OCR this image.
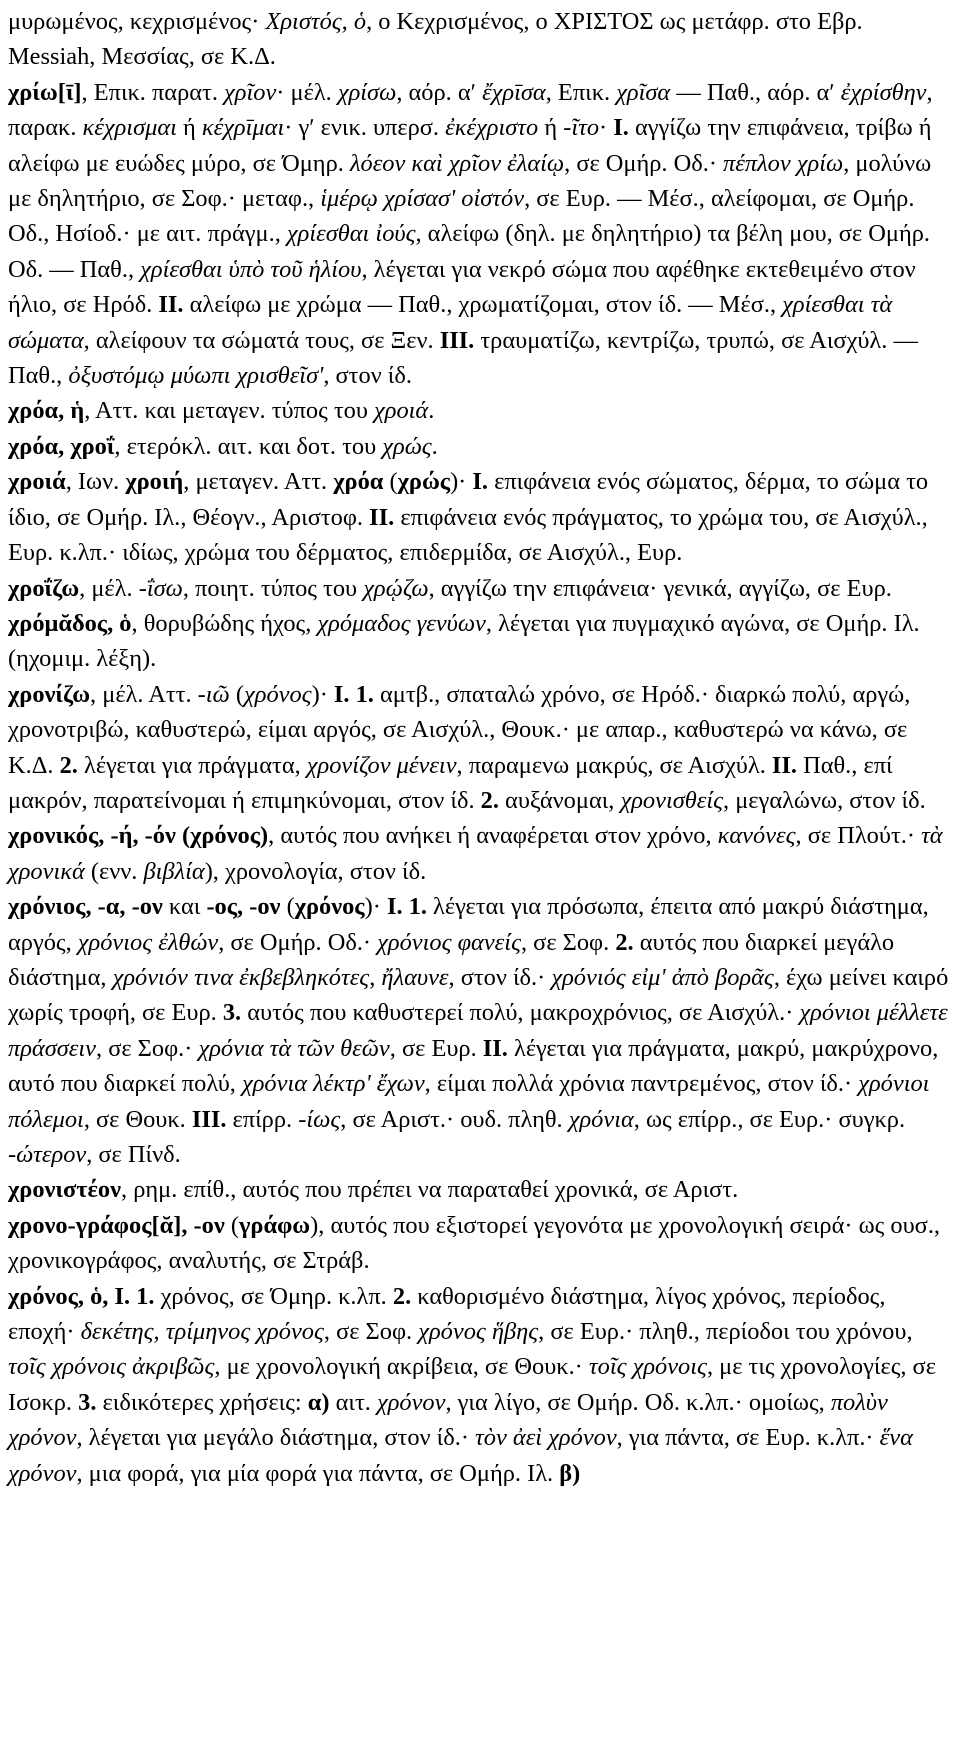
μυρωμένος, κεχρισμένος· Χριστός, ὁ, ο Κεχρισμένος, ο ΧΡΙΣΤΟΣ ως μετάφρ. στο Εβρ. Messiah, Μεσσίας, σε Κ.Δ.
χρίω[ῑ], Επικ. παρατ. χρῖον· μέλ. χρίσω, αόρ. αʹ ἔχρῑσα, Επικ. χρῖσα — Παθ., αόρ. αʹ ἐχρίσθην, παρακ. κέχρισμαι ή κέχρῑμαι· γʹ ενικ. υπερσ. ἐκέχριστο ή -ῖτο· I. αγγίζω την επιφάνεια, τρίβω ή αλείφω με ευώδες μύρο, σε Όμηρ. λόεον καὶ χρῖον ἐλαίῳ, σε Ομήρ. Οδ.· πέπλον χρίω, μολύνω με δηλητήριο, σε Σοφ.· μεταφ., ἱμέρῳ χρίσασ' οἰστόν, σε Ευρ. — Μέσ., αλείφομαι, σε Ομήρ. Οδ., Ησίοδ.· με αιτ. πράγμ., χρίεσθαι ἰούς, αλείφω (δηλ. με δηλητήριο) τα βέλη μου, σε Ομήρ. Οδ. — Παθ., χρίεσθαι ὑπὸ τοῦ ἡλίου, λέγεται για νεκρό σώμα που αφέθηκε εκτεθειμένο στον ήλιο, σε Ηρόδ. II. αλείφω με χρώμα — Παθ., χρωματίζομαι, στον ίδ. — Μέσ., χρίεσθαι τὰ σώματα, αλείφουν τα σώματά τους, σε Ξεν. III. τραυματίζω, κεντρίζω, τρυπώ, σε Αισχύλ. — Παθ., ὀξυστόμῳ μύωπι χρισθεῖσ', στον ίδ.
χρόα, ἡ, Αττ. και μεταγεν. τύπος του χροιά.
χρόα, χροΐ, ετερόκλ. αιτ. και δοτ. του χρώς.
χροιά, Ιων. χροιή, μεταγεν. Αττ. χρόα (χρώς)· I. επιφάνεια ενός σώματος, δέρμα, το σώμα το ίδιο, σε Ομήρ. Ιλ., Θέογν., Αριστοφ. II. επιφάνεια ενός πράγματος, το χρώμα του, σε Αισχύλ., Ευρ. κ.λπ.· ιδίως, χρώμα του δέρματος, επιδερμίδα, σε Αισχύλ., Ευρ.
χροΐζω, μέλ. -ΐσω, ποιητ. τύπος του χρῴζω, αγγίζω την επιφάνεια· γενικά, αγγίζω, σε Ευρ.
χρόμᾰδος, ὁ, θορυβώδης ήχος, χρόμαδος γενύων, λέγεται για πυγμαχικό αγώνα, σε Ομήρ. Ιλ. (ηχομιμ. λέξη).
χρονίζω, μέλ. Αττ. -ιῶ (χρόνος)· I. 1. αμτβ., σπαταλώ χρόνο, σε Ηρόδ.· διαρκώ πολύ, αργώ, χρονοτριβώ, καθυστερώ, είμαι αργός, σε Αισχύλ., Θουκ.· με απαρ., καθυστερώ να κάνω, σε Κ.Δ. 2. λέγεται για πράγματα, χρονίζον μένειν, παραμενω μακρύς, σε Αισχύλ. II. Παθ., επί μακρόν, παρατείνομαι ή επιμηκύνομαι, στον ίδ. 2. αυξάνομαι, χρονισθείς, μεγαλώνω, στον ίδ.
χρονικός, -ή, -όν (χρόνος), αυτός που ανήκει ή αναφέρεται στον χρόνο, κανόνες, σε Πλούτ.· τὰ χρονικά (ενν. βιβλία), χρονολογία, στον ίδ.
χρόνιος, -α, -ον και -ος, -ον (χρόνος)· I. 1. λέγεται για πρόσωπα, έπειτα από μακρύ διάστημα, αργός, χρόνιος ἐλθών, σε Ομήρ. Οδ.· χρόνιος φανείς, σε Σοφ. 2. αυτός που διαρκεί μεγάλο διάστημα, χρόνιόν τινα ἐκβεβληκότες, ἤλαυνε, στον ίδ.· χρόνιός εἰμ' ἀπὸ βορᾶς, έχω μείνει καιρό χωρίς τροφή, σε Ευρ. 3. αυτός που καθυστερεί πολύ, μακροχρόνιος, σε Αισχύλ.· χρόνιοι μέλλετε πράσσειν, σε Σοφ.· χρόνια τὰ τῶν θεῶν, σε Ευρ. II. λέγεται για πράγματα, μακρύ, μακρύχρονο, αυτό που διαρκεί πολύ, χρόνια λέκτρ' ἔχων, είμαι πολλά χρόνια παντρεμένος, στον ίδ.· χρόνιοι πόλεμοι, σε Θουκ. III. επίρρ. -ίως, σε Αριστ.· ουδ. πληθ. χρόνια, ως επίρρ., σε Ευρ.· συγκρ. -ώτερον, σε Πίνδ.
χρονιστέον, ρημ. επίθ., αυτός που πρέπει να παραταθεί χρονικά, σε Αριστ.
χρονο-γράφος[ᾰ], -ον (γράφω), αυτός που εξιστορεί γεγονότα με χρονολογική σειρά· ως ουσ., χρονικογράφος, αναλυτής, σε Στράβ.
χρόνος, ὁ, I. 1. χρόνος, σε Όμηρ. κ.λπ. 2. καθορισμένο διάστημα, λίγος χρόνος, περίοδος, εποχή· δεκέτης, τρίμηνος χρόνος, σε Σοφ. χρόνος ἥβης, σε Ευρ.· πληθ., περίοδοι του χρόνου, τοῖς χρόνοις ἀκριβῶς, με χρονολογική ακρίβεια, σε Θουκ.· τοῖς χρόνοις, με τις χρονολογίες, σε Ισοκρ. 3. ειδικότερες χρήσεις: α) αιτ. χρόνον, για λίγο, σε Ομήρ. Οδ. κ.λπ.· ομοίως, πολὺν χρόνον, λέγεται για μεγάλο διάστημα, στον ίδ.· τὸν ἀεὶ χρόνον, για πάντα, σε Ευρ. κ.λπ.· ἕνα χρόνον, μια φορά, για μία φορά για πάντα, σε Ομήρ. Ιλ. β)
